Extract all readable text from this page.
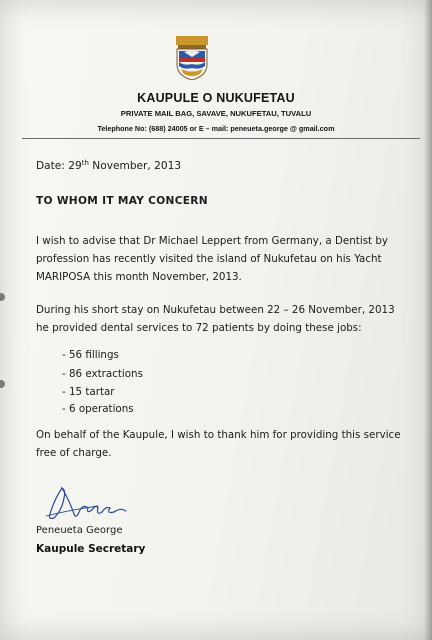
KAUPULE O NUKUFETAU
PRIVATE MAIL BAG, SAVAVE, NUKUFETAU, TUVALU
Telephone No: (688) 24005 or E – mail: peneueta.george @ gmail.com
Date: 29th November, 2013
TO WHOM IT MAY CONCERN
I wish to advise that Dr Michael Leppert from Germany, a Dentist by
profession has recently visited the island of Nukufetau on his Yacht
MARIPOSA this month November, 2013.
During his short stay on Nukufetau between 22 – 26 November, 2013
he provided dental services to 72 patients by doing these jobs:
- 56 fillings
- 86 extractions
- 15 tartar
- 6 operations
On behalf of the Kaupule, I wish to thank him for providing this service
free of charge.
Peneueta George
Kaupule Secretary
